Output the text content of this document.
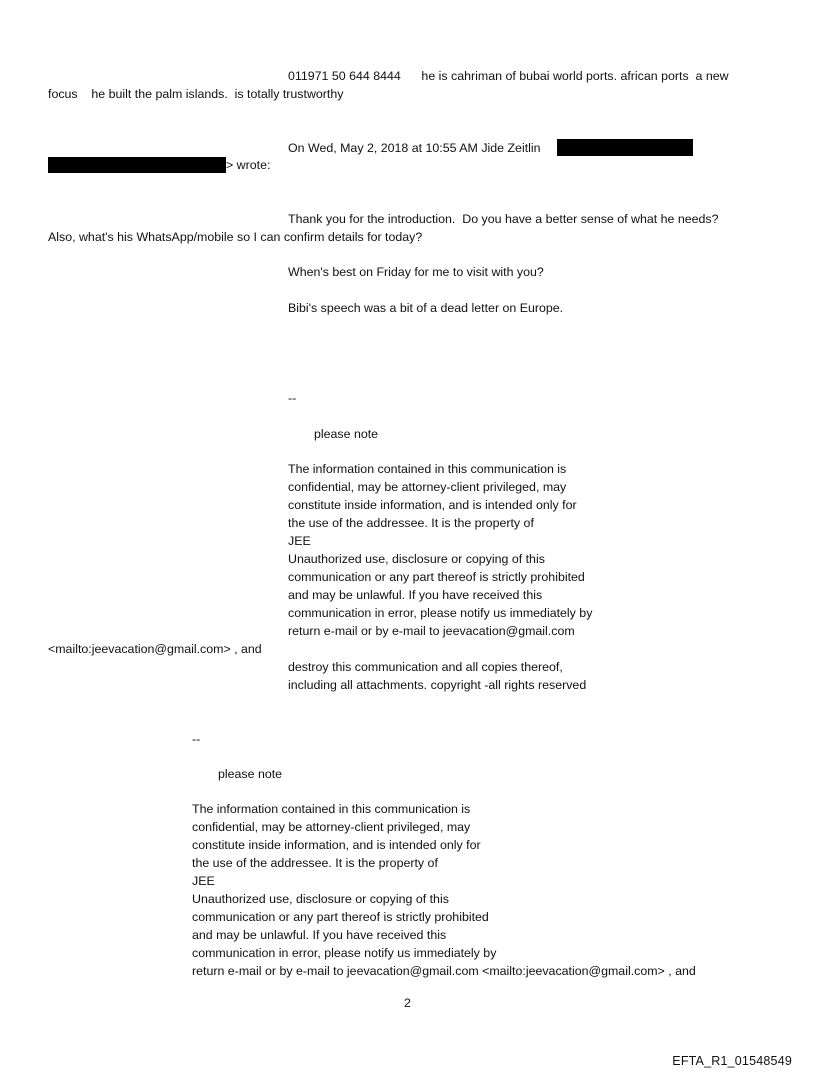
011971 50 644 8444      he is cahriman of bubai world ports. african ports  a new
focus    he built the palm islands.  is totally trustworthy
On Wed, May 2, 2018 at 10:55 AM Jide Zeitlin
> wrote:
Thank you for the introduction.  Do you have a better sense of what he needs?
Also, what's his WhatsApp/mobile so I can confirm details for today?
When's best on Friday for me to visit with you?
Bibi's speech was a bit of a dead letter on Europe.
--
please note
The information contained in this communication is
confidential, may be attorney-client privileged, may
constitute inside information, and is intended only for
the use of the addressee. It is the property of
JEE
Unauthorized use, disclosure or copying of this
communication or any part thereof is strictly prohibited
and may be unlawful. If you have received this
communication in error, please notify us immediately by
return e-mail or by e-mail to jeevacation@gmail.com
<mailto:jeevacation@gmail.com> , and
destroy this communication and all copies thereof,
including all attachments. copyright -all rights reserved
--
please note
The information contained in this communication is
confidential, may be attorney-client privileged, may
constitute inside information, and is intended only for
the use of the addressee. It is the property of
JEE
Unauthorized use, disclosure or copying of this
communication or any part thereof is strictly prohibited
and may be unlawful. If you have received this
communication in error, please notify us immediately by
return e-mail or by e-mail to jeevacation@gmail.com <mailto:jeevacation@gmail.com> , and
2
EFTA_R1_01548549
